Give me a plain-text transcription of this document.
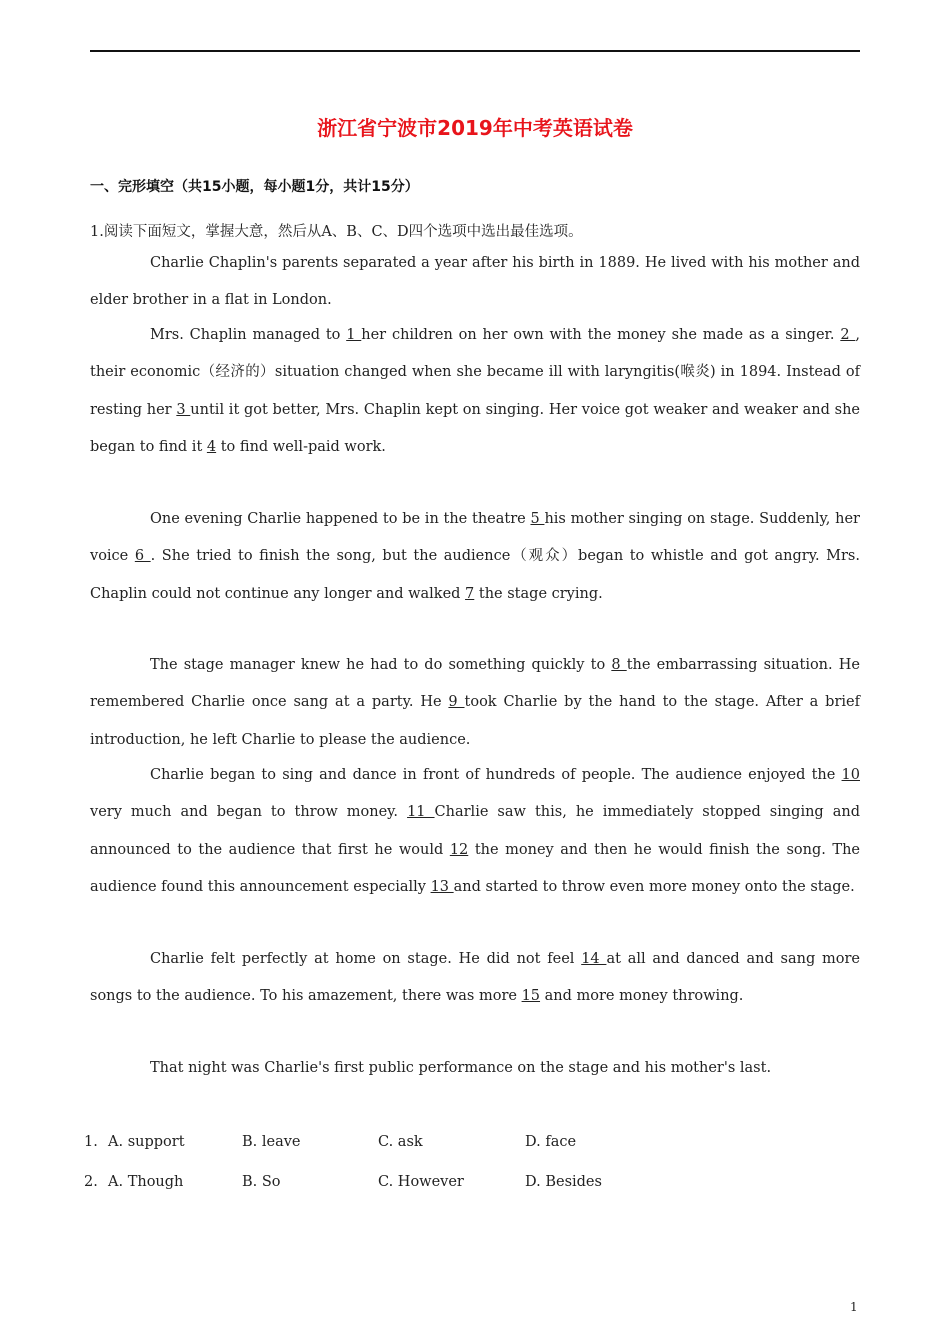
浙江省宁波市2019年中考英语试卷
一、完形填空（共15小题，每小题1分，共计15分）
1.阅读下面短文，掌握大意，然后从A、B、C、D四个选项中选出最佳选项。
Charlie Chaplin's parents separated a year after his birth in 1889. He lived with his mother and elder brother in a flat in London.
Mrs. Chaplin managed to 1 her children on her own with the money she made as a singer. 2 , their economic（经济的）situation changed when she became ill with laryngitis(喉炎) in 1894. Instead of resting her 3 until it got better, Mrs. Chaplin kept on singing. Her voice got weaker and weaker and she began to find it 4 to find well-paid work.
One evening Charlie happened to be in the theatre 5 his mother singing on stage. Suddenly, her voice 6 . She tried to finish the song, but the audience（观众）began to whistle and got angry. Mrs. Chaplin could not continue any longer and walked 7 the stage crying.
The stage manager knew he had to do something quickly to 8 the embarrassing situation. He remembered Charlie once sang at a party. He 9 took Charlie by the hand to the stage. After a brief introduction, he left Charlie to please the audience.
Charlie began to sing and dance in front of hundreds of people. The audience enjoyed the 10 very much and began to throw money. 11 Charlie saw this, he immediately stopped singing and announced to the audience that first he would 12 the money and then he would finish the song. The audience found this announcement especially 13 and started to throw even more money onto the stage.
Charlie felt perfectly at home on stage. He did not feel 14 at all and danced and sang more songs to the audience. To his amazement, there was more 15 and more money throwing.
That night was Charlie's first public performance on the stage and his mother's last.
1. A. support	B. leave	C. ask	D. face
2. A. Though	B. So	C. However	D. Besides
1
